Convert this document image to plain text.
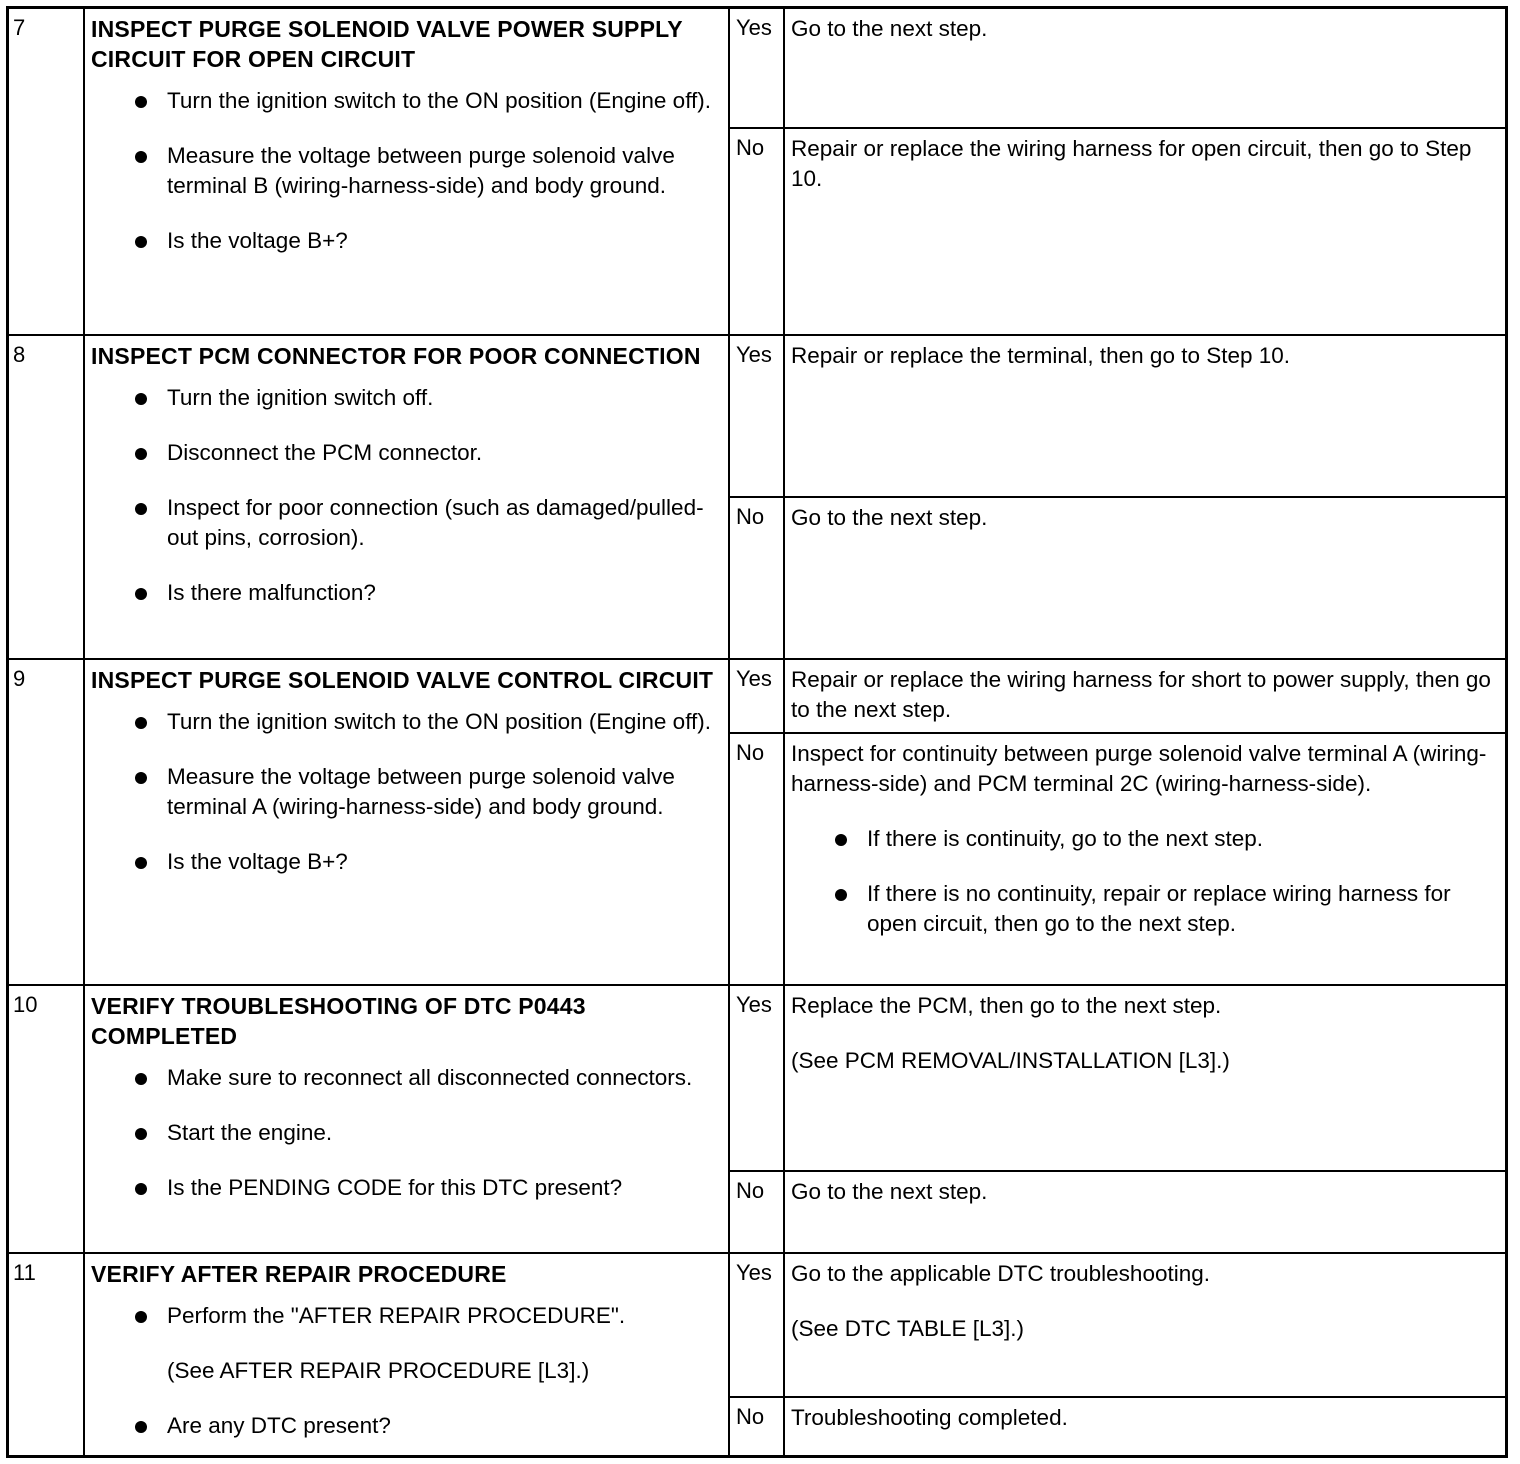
7	INSPECT PURGE SOLENOID VALVE POWER SUPPLY CIRCUIT FOR OPEN CIRCUIT
Turn the ignition switch to the ON position (Engine off).
Measure the voltage between purge solenoid valve terminal B (wiring-harness-side) and body ground.
Is the voltage B+?
Yes Go to the next step.

No	Repair or replace the wiring harness for open circuit, then go to Step 10.

8	INSPECT PCM CONNECTOR FOR POOR CONNECTION
Turn the ignition switch off.
Disconnect the PCM connector.
Inspect for poor connection (such as damaged/pulled-out pins, corrosion).
Is there malfunction?
Yes Repair or replace the terminal, then go to Step 10.

No	Go to the next step.

9	INSPECT PURGE SOLENOID VALVE CONTROL CIRCUIT
Turn the ignition switch to the ON position (Engine off).
Measure the voltage between purge solenoid valve terminal A (wiring-harness-side) and body ground.
Is the voltage B+?
Yes Repair or replace the wiring harness for short to power supply, then go to the next step.

No	Inspect for continuity between purge solenoid valve terminal A (wiring-harness-side) and PCM terminal 2C (wiring-harness-side).

If there is continuity, go to the next step.
If there is no continuity, repair or replace wiring harness for open circuit, then go to the next step.
10	VERIFY TROUBLESHOOTING OF DTC P0443 COMPLETED
Make sure to reconnect all disconnected connectors.
Start the engine.
Is the PENDING CODE for this DTC present?
Yes Replace the PCM, then go to the next step.

(See PCM REMOVAL/INSTALLATION [L3].)

No	Go to the next step.

11	VERIFY AFTER REPAIR PROCEDURE
Perform the "AFTER REPAIR PROCEDURE".
(See AFTER REPAIR PROCEDURE [L3].)
Are any DTC present?
Yes Go to the applicable DTC troubleshooting.

(See DTC TABLE [L3].)

No	Troubleshooting completed.
